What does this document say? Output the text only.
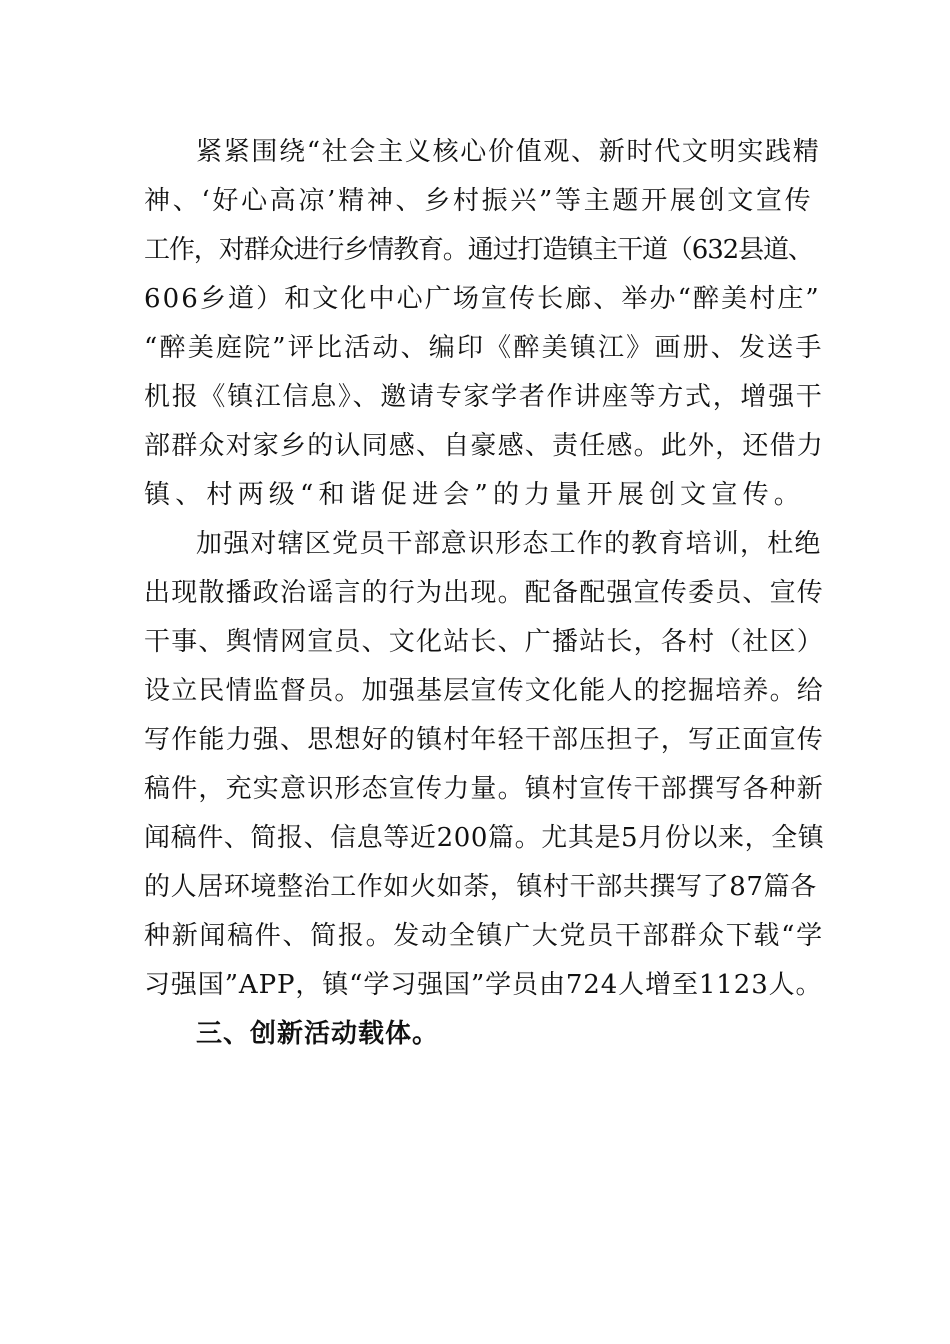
紧紧围绕“社会主义核心价值观、新时代文明实践精
神、‘好心高凉’精神、乡村振兴”等主题开展创文宣传
工作，对群众进行乡情教育。通过打造镇主干道（632县道、
606乡道）和文化中心广场宣传长廊、举办“醉美村庄”
“醉美庭院”评比活动、编印《醉美镇江》画册、发送手
机报《镇江信息》、邀请专家学者作讲座等方式，增强干
部群众对家乡的认同感、自豪感、责任感。此外，还借力
镇、村两级“和谐促进会”的力量开展创文宣传。
加强对辖区党员干部意识形态工作的教育培训，杜绝
出现散播政治谣言的行为出现。配备配强宣传委员、宣传
干事、舆情网宣员、文化站长、广播站长，各村（社区）
设立民情监督员。加强基层宣传文化能人的挖掘培养。给
写作能力强、思想好的镇村年轻干部压担子，写正面宣传
稿件，充实意识形态宣传力量。镇村宣传干部撰写各种新
闻稿件、简报、信息等近200篇。尤其是5月份以来，全镇
的人居环境整治工作如火如荼，镇村干部共撰写了87篇各
种新闻稿件、简报。发动全镇广大党员干部群众下载“学
习强国”APP，镇“学习强国”学员由724人增至1123人。
三、创新活动载体。
